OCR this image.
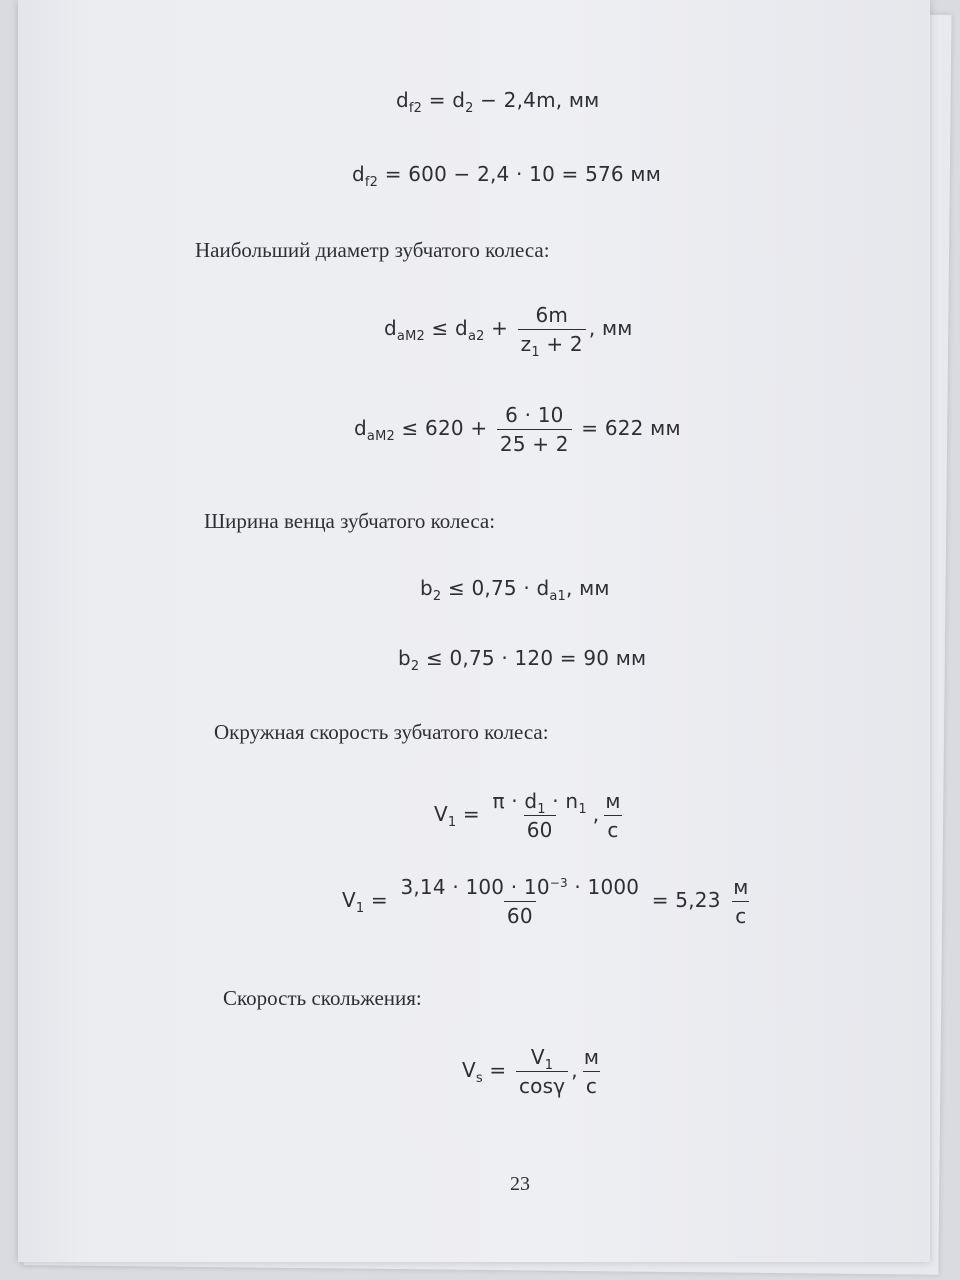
$d_{f2} = d_2 - 2,4m$, мм
$d_{f2} = 600 - 2,4 \cdot 10 = 576$ мм
Наибольший диаметр зубчатого колеса:
$d_{aM2} \le d_{a2} + \frac{6m}{z_1 + 2}$ , мм
$d_{aM2} \le 620 + \frac{6 \cdot 10}{25 + 2} = 622$ мм
Ширина венца зубчатого колеса:
$b_2 \le 0,75 \cdot d_{a1}$, мм
$b_2 \le 0,75 \cdot 120 = 90$ мм
Окружная скорость зубчатого колеса:
$V_1 = \frac{\pi \cdot d_1 \cdot n_1}{60}$ , $\frac{м}{с}$
$V_1 = \frac{3,14 \cdot 100 \cdot 10^{-3} \cdot 1000}{60} = 5,23 \frac{м}{с}$
Скорость скольжения:
$V_s = \frac{V_1}{\cos\gamma}$ , $\frac{м}{с}$
23
